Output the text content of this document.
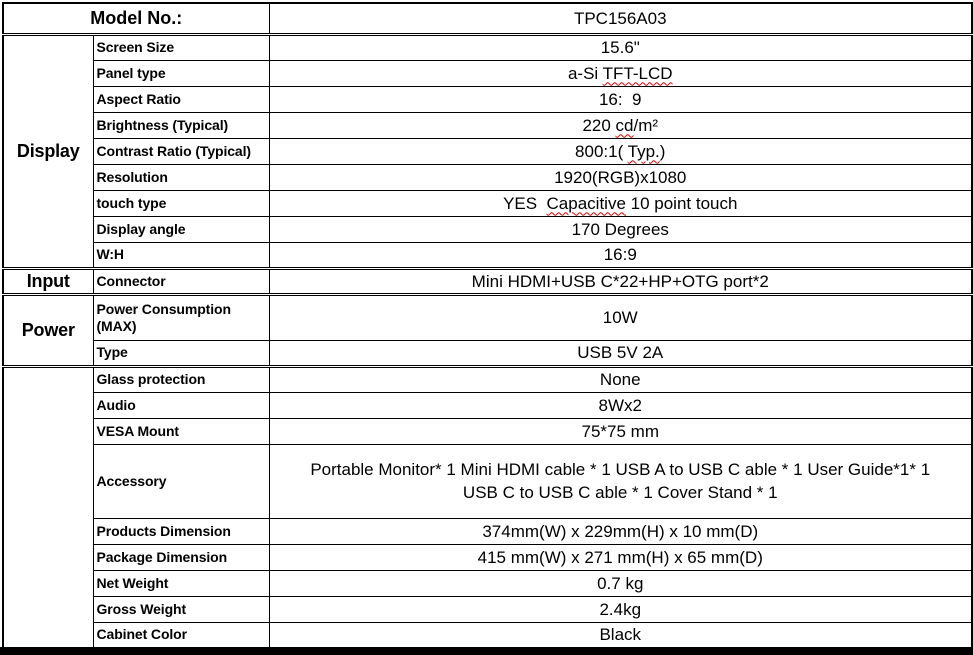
Model No.:		TPC156A03
Display	Screen Size	15.6"
	Panel type	a-Si TFT-LCD
	Aspect Ratio	16:  9
	Brightness (Typical)	220 cd/m²
	Contrast Ratio (Typical)	800:1( Typ.)
	Resolution	1920(RGB)x1080
	touch type	YES  Capacitive 10 point touch
	Display angle	170 Degrees
	W:H	16:9
Input	Connector	Mini HDMI+USB C*22+HP+OTG port*2
Power	Power Consumption (MAX)	10W
	Type	USB 5V 2A
	Glass protection	None
	Audio	8Wx2
	VESA Mount	75*75 mm
	Accessory	Portable Monitor* 1 Mini HDMI cable * 1 USB A to USB C able * 1 User Guide*1* 1 USB C to USB C able * 1 Cover Stand * 1
	Products Dimension	374mm(W) x 229mm(H) x 10 mm(D)
	Package Dimension	415 mm(W) x 271 mm(H) x 65 mm(D)
	Net Weight	0.7 kg
	Gross Weight	2.4kg
	Cabinet Color	Black
